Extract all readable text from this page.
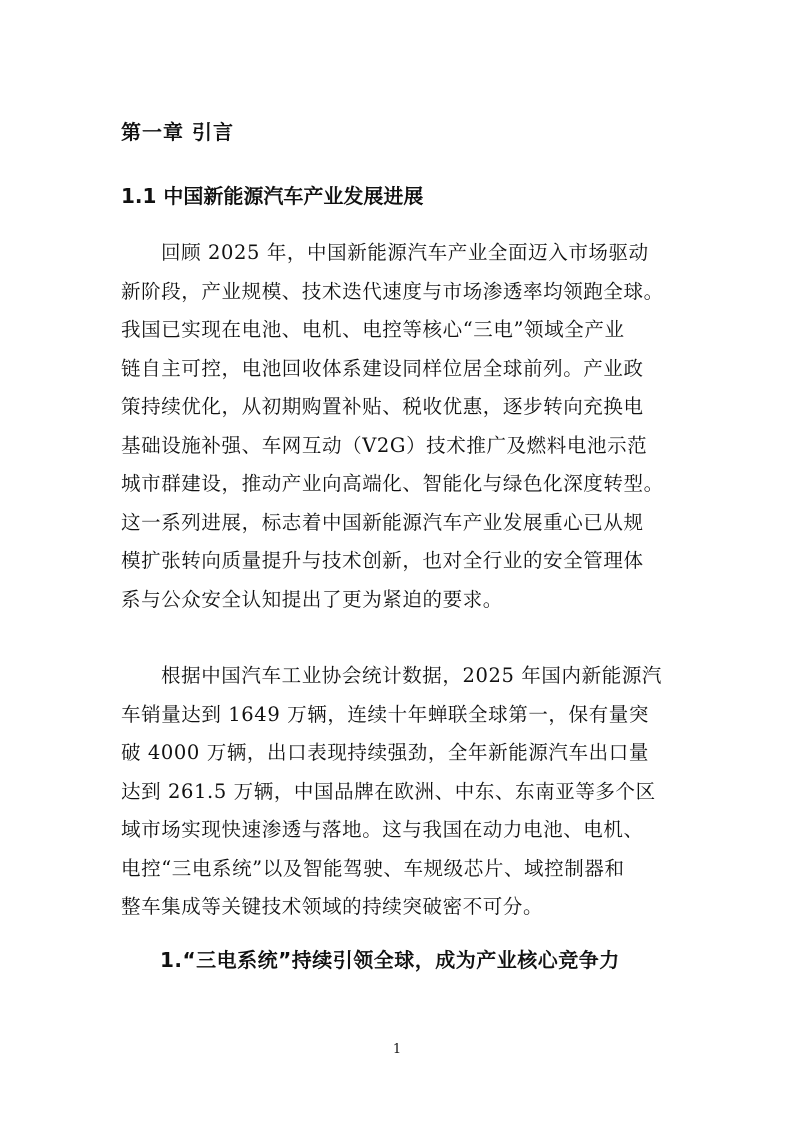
第一章 引言
1.1 中国新能源汽车产业发展进展
回顾 2025 年，中国新能源汽车产业全面迈入市场驱动
新阶段，产业规模、技术迭代速度与市场渗透率均领跑全球。
我国已实现在电池、电机、电控等核心“三电”领域全产业
链自主可控，电池回收体系建设同样位居全球前列。产业政
策持续优化，从初期购置补贴、税收优惠，逐步转向充换电
基础设施补强、车网互动（V2G）技术推广及燃料电池示范
城市群建设，推动产业向高端化、智能化与绿色化深度转型。
这一系列进展，标志着中国新能源汽车产业发展重心已从规
模扩张转向质量提升与技术创新，也对全行业的安全管理体
系与公众安全认知提出了更为紧迫的要求。
根据中国汽车工业协会统计数据，2025 年国内新能源汽
车销量达到 1649 万辆，连续十年蝉联全球第一，保有量突
破 4000 万辆，出口表现持续强劲，全年新能源汽车出口量
达到 261.5 万辆，中国品牌在欧洲、中东、东南亚等多个区
域市场实现快速渗透与落地。这与我国在动力电池、电机、
电控“三电系统”以及智能驾驶、车规级芯片、域控制器和
整车集成等关键技术领域的持续突破密不可分。
1.“三电系统”持续引领全球，成为产业核心竞争力
1
